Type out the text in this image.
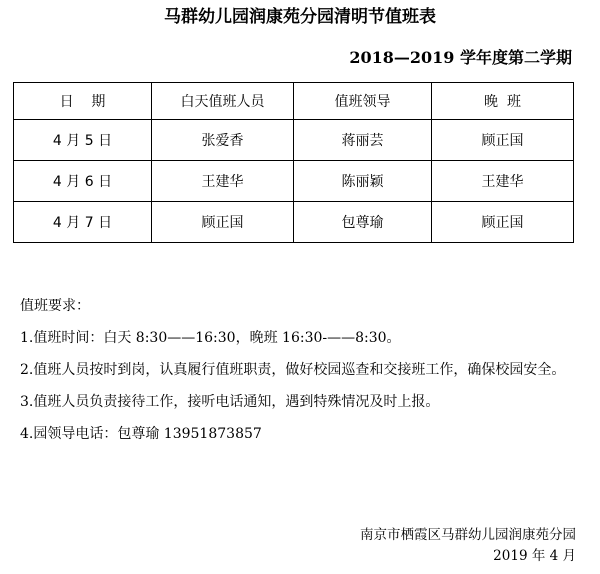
马群幼儿园润康苑分园清明节值班表
2018—2019 学年度第二学期
日    期	白天值班人员	值班领导	晚  班
4 月 5 日	张爱香	蒋丽芸	顾正国
4 月 6 日	王建华	陈丽颖	王建华
4 月 7 日	顾正国	包尊瑜	顾正国

值班要求：

1.值班时间：白天 8:30——16:30，晚班 16:30-——8:30。

2.值班人员按时到岗，认真履行值班职责，做好校园巡查和交接班工作，确保校园安全。

3.值班人员负责接待工作，接听电话通知，遇到特殊情况及时上报。

4.园领导电话：包尊瑜 13951873857

南京市栖霞区马群幼儿园润康苑分园
2019 年 4 月
